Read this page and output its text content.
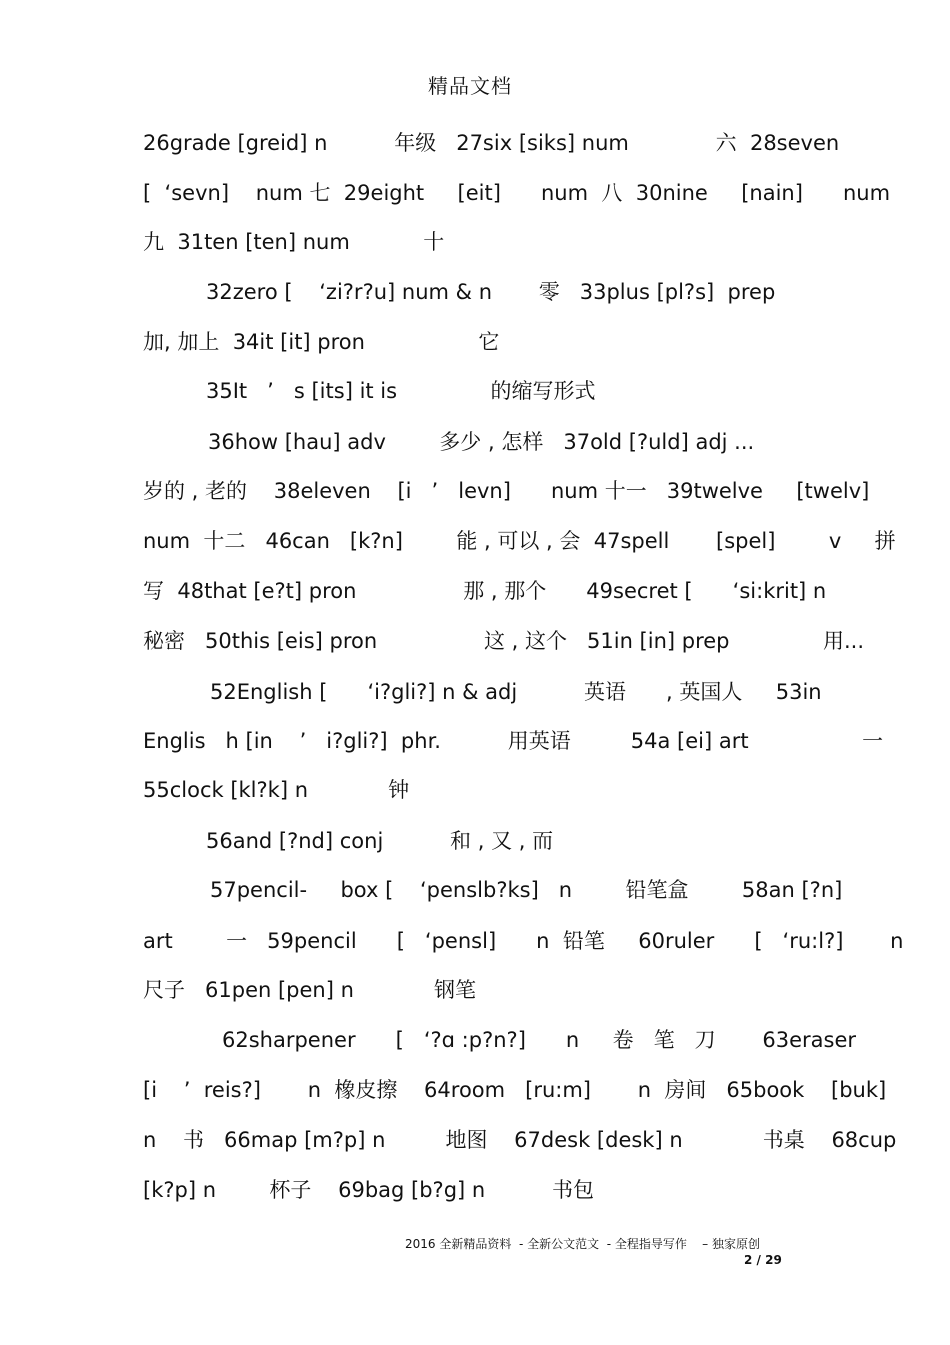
精品文档
26grade [greid] n          年级   27six [siks] num             六  28seven
[  ‘sevn]    num 七  29eight     [eit]      num  八  30nine     [nain]      num
九  31ten [ten] num           十
32zero [    ‘zi?r?u] num & n       零   33plus [pl?s]  prep
加, 加上  34it [it] pron                 它
35It   ’   s [its] it is              的缩写形式
36how [hau] adv        多少 , 怎样   37old [?uld] adj ...
岁的 , 老的    38eleven    [i   ’   levn]      num 十一   39twelve     [twelv]
num  十二   46can   [k?n]        能 , 可以 , 会  47spell       [spel]        v     拼
写  48that [e?t] pron                那 , 那个      49secret [      ‘si:krit] n
秘密   50this [eis] pron                这 , 这个   51in [in] prep              用...
52English [      ‘i?gli?] n & adj          英语      , 英国人     53in
Englis   h [in    ’   i?gli?]  phr.          用英语         54a [ei] art                 一
55clock [kl?k] n            钟
56and [?nd] conj          和 , 又 , 而
57pencil-     box [    ‘penslb?ks]   n        铅笔盒        58an [?n]
art        一   59pencil      [   ‘pensl]      n  铅笔     60ruler      [   ‘ru:l?]       n
尺子   61pen [pen] n            钢笔
62sharpener      [   ‘?ɑ :p?n?]      n     卷   笔   刀       63eraser
[i    ’  reis?]       n  橡皮擦    64room   [ru:m]       n  房间   65book    [buk]
n    书   66map [m?p] n         地图    67desk [desk] n            书桌    68cup
[k?p] n        杯子    69bag [b?g] n          书包
2016 全新精品资料  - 全新公文范文  - 全程指导写作    – 独家原创
2 / 29
